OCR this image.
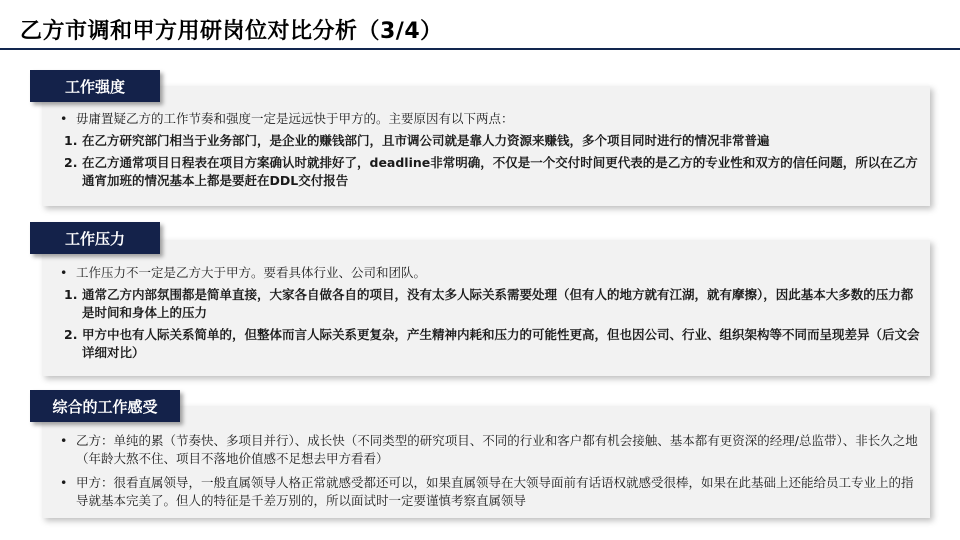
乙方市调和甲方用研岗位对比分析（3/4）
工作强度
• 毋庸置疑乙方的工作节奏和强度一定是远远快于甲方的。主要原因有以下两点：
1. 在乙方研究部门相当于业务部门，是企业的赚钱部门，且市调公司就是靠人力资源来赚钱，多个项目同时进行的情况非常普遍
2. 在乙方通常项目日程表在项目方案确认时就排好了，deadline非常明确，不仅是一个交付时间更代表的是乙方的专业性和双方的信任问题，所以在乙方通宵加班的情况基本上都是要赶在DDL交付报告
工作压力
• 工作压力不一定是乙方大于甲方。要看具体行业、公司和团队。
1. 通常乙方内部氛围都是简单直接，大家各自做各自的项目，没有太多人际关系需要处理（但有人的地方就有江湖，就有摩擦），因此基本大多数的压力都是时间和身体上的压力
2. 甲方中也有人际关系简单的，但整体而言人际关系更复杂，产生精神内耗和压力的可能性更高，但也因公司、行业、组织架构等不同而呈现差异（后文会详细对比）
综合的工作感受
• 乙方：单纯的累（节奏快、多项目并行）、成长快（不同类型的研究项目、不同的行业和客户都有机会接触、基本都有更资深的经理/总监带）、非长久之地（年龄大熬不住、项目不落地价值感不足想去甲方看看）
• 甲方：很看直属领导，一般直属领导人格正常就感受都还可以，如果直属领导在大领导面前有话语权就感受很棒，如果在此基础上还能给员工专业上的指导就基本完美了。但人的特征是千差万别的，所以面试时一定要谨慎考察直属领导
